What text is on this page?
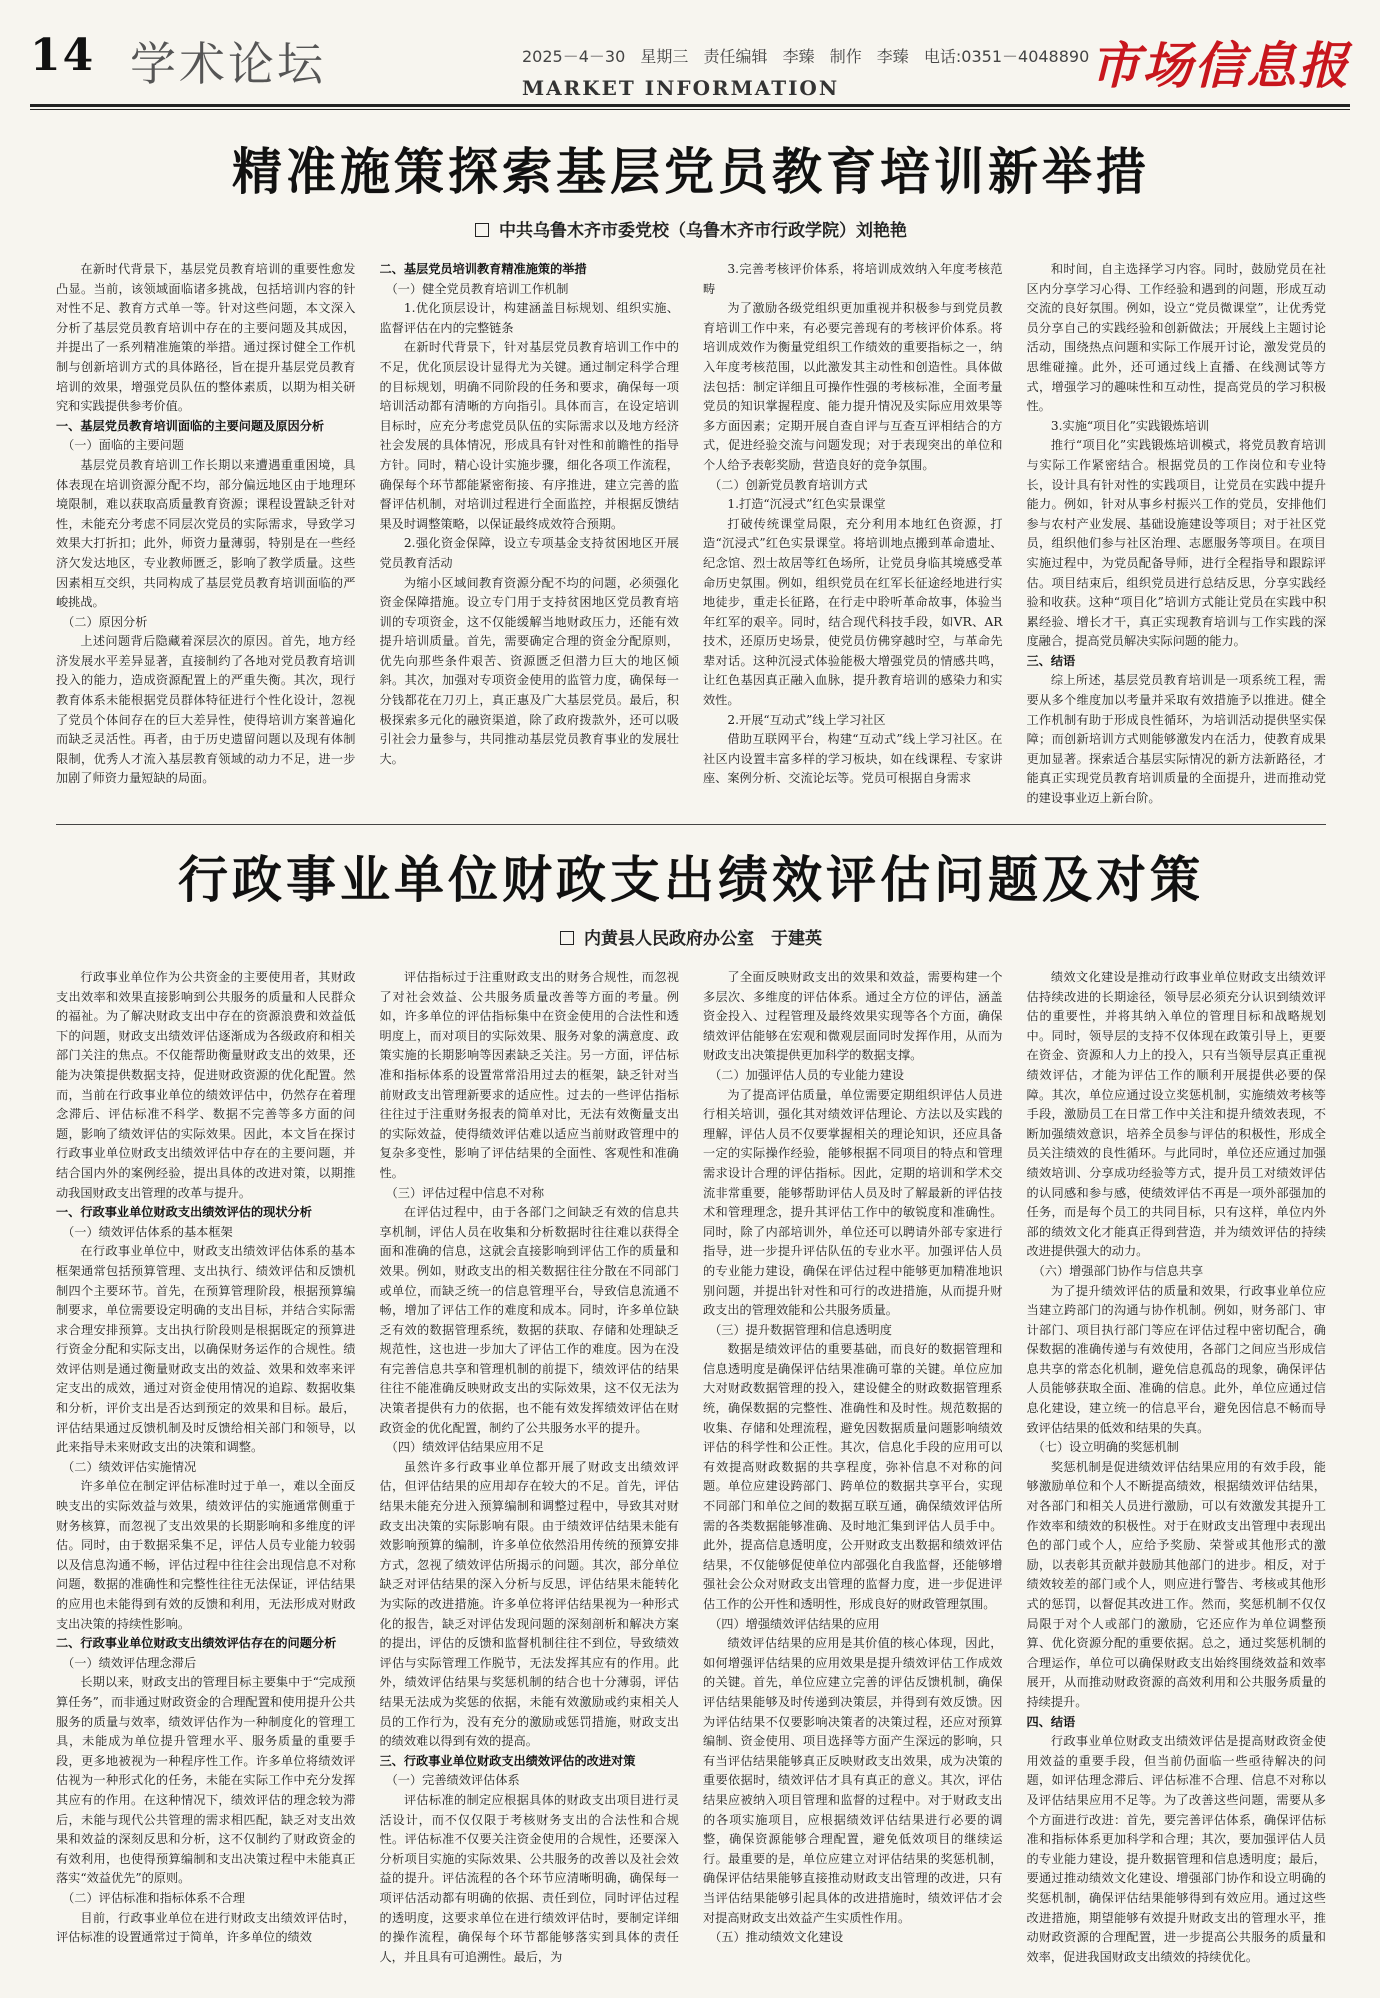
14 学术论坛	2025－4－30 星期三 责任编辑 李臻 制作 李臻 电话:0351－4048890
MARKET INFORMATION	市场信息报
精准施策探索基层党员教育培训新举措
中共乌鲁木齐市委党校（乌鲁木齐市行政学院）刘艳艳

在新时代背景下，基层党员教育培训的重要性愈发凸显。当前，该领域面临诸多挑战，包括培训内容的针对性不足、教育方式单一等。针对这些问题，本文深入分析了基层党员教育培训中存在的主要问题及其成因，并提出了一系列精准施策的举措。通过探讨健全工作机制与创新培训方式的具体路径，旨在提升基层党员教育培训的效果，增强党员队伍的整体素质，以期为相关研究和实践提供参考价值。

一、基层党员教育培训面临的主要问题及原因分析

（一）面临的主要问题

基层党员教育培训工作长期以来遭遇重重困境，具体表现在培训资源分配不均，部分偏远地区由于地理环境限制，难以获取高质量教育资源；课程设置缺乏针对性，未能充分考虑不同层次党员的实际需求，导致学习效果大打折扣；此外，师资力量薄弱，特别是在一些经济欠发达地区，专业教师匮乏，影响了教学质量。这些因素相互交织，共同构成了基层党员教育培训面临的严峻挑战。

（二）原因分析

上述问题背后隐藏着深层次的原因。首先，地方经济发展水平差异显著，直接制约了各地对党员教育培训投入的能力，造成资源配置上的严重失衡。其次，现行教育体系未能根据党员群体特征进行个性化设计，忽视了党员个体间存在的巨大差异性，使得培训方案普遍化而缺乏灵活性。再者，由于历史遗留问题以及现有体制限制，优秀人才流入基层教育领域的动力不足，进一步加剧了师资力量短缺的局面。

二、基层党员培训教育精准施策的举措

（一）健全党员教育培训工作机制

1.优化顶层设计，构建涵盖目标规划、组织实施、监督评估在内的完整链条

在新时代背景下，针对基层党员教育培训工作中的不足，优化顶层设计显得尤为关键。通过制定科学合理的目标规划，明确不同阶段的任务和要求，确保每一项培训活动都有清晰的方向指引。具体而言，在设定培训目标时，应充分考虑党员队伍的实际需求以及地方经济社会发展的具体情况，形成具有针对性和前瞻性的指导方针。同时，精心设计实施步骤，细化各项工作流程，确保每个环节都能紧密衔接、有序推进，建立完善的监督评估机制，对培训过程进行全面监控，并根据反馈结果及时调整策略，以保证最终成效符合预期。

2.强化资金保障，设立专项基金支持贫困地区开展党员教育活动

为缩小区域间教育资源分配不均的问题，必须强化资金保障措施。设立专门用于支持贫困地区党员教育培训的专项资金，这不仅能缓解当地财政压力，还能有效提升培训质量。首先，需要确定合理的资金分配原则，优先向那些条件艰苦、资源匮乏但潜力巨大的地区倾斜。其次，加强对专项资金使用的监管力度，确保每一分钱都花在刀刃上，真正惠及广大基层党员。最后，积极探索多元化的融资渠道，除了政府拨款外，还可以吸引社会力量参与，共同推动基层党员教育事业的发展壮大。

3.完善考核评价体系，将培训成效纳入年度考核范畴

为了激励各级党组织更加重视并积极参与到党员教育培训工作中来，有必要完善现有的考核评价体系。将培训成效作为衡量党组织工作绩效的重要指标之一，纳入年度考核范围，以此激发其主动性和创造性。具体做法包括：制定详细且可操作性强的考核标准，全面考量党员的知识掌握程度、能力提升情况及实际应用效果等多方面因素；定期开展自查自评与互查互评相结合的方式，促进经验交流与问题发现；对于表现突出的单位和个人给予表彰奖励，营造良好的竞争氛围。

（二）创新党员教育培训方式

1.打造“沉浸式”红色实景课堂

打破传统课堂局限，充分利用本地红色资源，打造“沉浸式”红色实景课堂。将培训地点搬到革命遗址、纪念馆、烈士故居等红色场所，让党员身临其境感受革命历史氛围。例如，组织党员在红军长征途经地进行实地徒步，重走长征路，在行走中聆听革命故事，体验当年红军的艰辛。同时，结合现代科技手段，如VR、AR技术，还原历史场景，使党员仿佛穿越时空，与革命先辈对话。这种沉浸式体验能极大增强党员的情感共鸣，让红色基因真正融入血脉，提升教育培训的感染力和实效性。

2.开展“互动式”线上学习社区

借助互联网平台，构建“互动式”线上学习社区。在社区内设置丰富多样的学习板块，如在线课程、专家讲座、案例分析、交流论坛等。党员可根据自身需求

和时间，自主选择学习内容。同时，鼓励党员在社区内分享学习心得、工作经验和遇到的问题，形成互动交流的良好氛围。例如，设立“党员微课堂”，让优秀党员分享自己的实践经验和创新做法；开展线上主题讨论活动，围绕热点问题和实际工作展开讨论，激发党员的思维碰撞。此外，还可通过线上直播、在线测试等方式，增强学习的趣味性和互动性，提高党员的学习积极性。

3.实施“项目化”实践锻炼培训

推行“项目化”实践锻炼培训模式，将党员教育培训与实际工作紧密结合。根据党员的工作岗位和专业特长，设计具有针对性的实践项目，让党员在实践中提升能力。例如，针对从事乡村振兴工作的党员，安排他们参与农村产业发展、基础设施建设等项目；对于社区党员，组织他们参与社区治理、志愿服务等项目。在项目实施过程中，为党员配备导师，进行全程指导和跟踪评估。项目结束后，组织党员进行总结反思，分享实践经验和收获。这种“项目化”培训方式能让党员在实践中积累经验、增长才干，真正实现教育培训与工作实践的深度融合，提高党员解决实际问题的能力。

三、结语

综上所述，基层党员教育培训是一项系统工程，需要从多个维度加以考量并采取有效措施予以推进。健全工作机制有助于形成良性循环，为培训活动提供坚实保障；而创新培训方式则能够激发内在活力，使教育成果更加显著。探索适合基层实际情况的新方法新路径，才能真正实现党员教育培训质量的全面提升，进而推动党的建设事业迈上新台阶。

行政事业单位财政支出绩效评估问题及对策
内黄县人民政府办公室　于建英

行政事业单位作为公共资金的主要使用者，其财政支出效率和效果直接影响到公共服务的质量和人民群众的福祉。为了解决财政支出中存在的资源浪费和效益低下的问题，财政支出绩效评估逐渐成为各级政府和相关部门关注的焦点。不仅能帮助衡量财政支出的效果，还能为决策提供数据支持，促进财政资源的优化配置。然而，当前在行政事业单位的绩效评估中，仍然存在着理念滞后、评估标准不科学、数据不完善等多方面的问题，影响了绩效评估的实际效果。因此，本文旨在探讨行政事业单位财政支出绩效评估中存在的主要问题，并结合国内外的案例经验，提出具体的改进对策，以期推动我国财政支出管理的改革与提升。

一、行政事业单位财政支出绩效评估的现状分析

（一）绩效评估体系的基本框架

在行政事业单位中，财政支出绩效评估体系的基本框架通常包括预算管理、支出执行、绩效评估和反馈机制四个主要环节。首先，在预算管理阶段，根据预算编制要求，单位需要设定明确的支出目标，并结合实际需求合理安排预算。支出执行阶段则是根据既定的预算进行资金分配和实际支出，以确保财务运作的合规性。绩效评估则是通过衡量财政支出的效益、效果和效率来评定支出的成效，通过对资金使用情况的追踪、数据收集和分析，评价支出是否达到预定的效果和目标。最后，评估结果通过反馈机制及时反馈给相关部门和领导，以此来指导未来财政支出的决策和调整。

（二）绩效评估实施情况

许多单位在制定评估标准时过于单一，难以全面反映支出的实际效益与效果，绩效评估的实施通常侧重于财务核算，而忽视了支出效果的长期影响和多维度的评估。同时，由于数据采集不足，评估人员专业能力较弱以及信息沟通不畅，评估过程中往往会出现信息不对称问题，数据的准确性和完整性往往无法保证，评估结果的应用也未能得到有效的反馈和利用，无法形成对财政支出决策的持续性影响。

二、行政事业单位财政支出绩效评估存在的问题分析

（一）绩效评估理念滞后

长期以来，财政支出的管理目标主要集中于“完成预算任务”，而非通过财政资金的合理配置和使用提升公共服务的质量与效率，绩效评估作为一种制度化的管理工具，未能成为单位提升管理水平、服务质量的重要手段，更多地被视为一种程序性工作。许多单位将绩效评估视为一种形式化的任务，未能在实际工作中充分发挥其应有的作用。在这种情况下，绩效评估的理念较为滞后，未能与现代公共管理的需求相匹配，缺乏对支出效果和效益的深刻反思和分析，这不仅制约了财政资金的有效利用，也使得预算编制和支出决策过程中未能真正落实“效益优先”的原则。

（二）评估标准和指标体系不合理

目前，行政事业单位在进行财政支出绩效评估时，评估标准的设置通常过于简单，许多单位的绩效

评估指标过于注重财政支出的财务合规性，而忽视了对社会效益、公共服务质量改善等方面的考量。例如，许多单位的评估指标集中在资金使用的合法性和透明度上，而对项目的实际效果、服务对象的满意度、政策实施的长期影响等因素缺乏关注。另一方面，评估标准和指标体系的设置常常沿用过去的框架，缺乏针对当前财政支出管理新要求的适应性。过去的一些评估指标往往过于注重财务报表的简单对比，无法有效衡量支出的实际效益，使得绩效评估难以适应当前财政管理中的复杂多变性，影响了评估结果的全面性、客观性和准确性。

（三）评估过程中信息不对称

在评估过程中，由于各部门之间缺乏有效的信息共享机制，评估人员在收集和分析数据时往往难以获得全面和准确的信息，这就会直接影响到评估工作的质量和效果。例如，财政支出的相关数据往往分散在不同部门或单位，而缺乏统一的信息管理平台，导致信息流通不畅，增加了评估工作的难度和成本。同时，许多单位缺乏有效的数据管理系统，数据的获取、存储和处理缺乏规范性，这也进一步加大了评估工作的难度。因为在没有完善信息共享和管理机制的前提下，绩效评估的结果往往不能准确反映财政支出的实际效果，这不仅无法为决策者提供有力的依据，也不能有效发挥绩效评估在财政资金的优化配置，制约了公共服务水平的提升。

（四）绩效评估结果应用不足

虽然许多行政事业单位都开展了财政支出绩效评估，但评估结果的应用却存在较大的不足。首先，评估结果未能充分进入预算编制和调整过程中，导致其对财政支出决策的实际影响有限。由于绩效评估结果未能有效影响预算的编制，许多单位依然沿用传统的预算安排方式，忽视了绩效评估所揭示的问题。其次，部分单位缺乏对评估结果的深入分析与反思，评估结果未能转化为实际的改进措施。许多单位将评估结果视为一种形式化的报告，缺乏对评估发现问题的深刻剖析和解决方案的提出，评估的反馈和监督机制往往不到位，导致绩效评估与实际管理工作脱节，无法发挥其应有的作用。此外，绩效评估结果与奖惩机制的结合也十分薄弱，评估结果无法成为奖惩的依据，未能有效激励或约束相关人员的工作行为，没有充分的激励或惩罚措施，财政支出的绩效难以得到有效的提高。

三、行政事业单位财政支出绩效评估的改进对策

（一）完善绩效评估体系

评估标准的制定应根据具体的财政支出项目进行灵活设计，而不仅仅限于考核财务支出的合法性和合规性。评估标准不仅要关注资金使用的合规性，还要深入分析项目实施的实际效果、公共服务的改善以及社会效益的提升。评估流程的各个环节应清晰明确，确保每一项评估活动都有明确的依据、责任到位，同时评估过程的透明度，这要求单位在进行绩效评估时，要制定详细的操作流程，确保每个环节都能够落实到具体的责任人，并且具有可追溯性。最后，为

了全面反映财政支出的效果和效益，需要构建一个多层次、多维度的评估体系。通过全方位的评估，涵盖资金投入、过程管理及最终效果实现等各个方面，确保绩效评估能够在宏观和微观层面同时发挥作用，从而为财政支出决策提供更加科学的数据支撑。

（二）加强评估人员的专业能力建设

为了提高评估质量，单位需要定期组织评估人员进行相关培训，强化其对绩效评估理论、方法以及实践的理解，评估人员不仅要掌握相关的理论知识，还应具备一定的实际操作经验，能够根据不同项目的特点和管理需求设计合理的评估指标。因此，定期的培训和学术交流非常重要，能够帮助评估人员及时了解最新的评估技术和管理理念，提升其评估工作中的敏锐度和准确性。同时，除了内部培训外，单位还可以聘请外部专家进行指导，进一步提升评估队伍的专业水平。加强评估人员的专业能力建设，确保在评估过程中能够更加精准地识别问题，并提出针对性和可行的改进措施，从而提升财政支出的管理效能和公共服务质量。

（三）提升数据管理和信息透明度

数据是绩效评估的重要基础，而良好的数据管理和信息透明度是确保评估结果准确可靠的关键。单位应加大对财政数据管理的投入，建设健全的财政数据管理系统，确保数据的完整性、准确性和及时性。规范数据的收集、存储和处理流程，避免因数据质量问题影响绩效评估的科学性和公正性。其次，信息化手段的应用可以有效提高财政数据的共享程度，弥补信息不对称的问题。单位应建设跨部门、跨单位的数据共享平台，实现不同部门和单位之间的数据互联互通，确保绩效评估所需的各类数据能够准确、及时地汇集到评估人员手中。此外，提高信息透明度，公开财政支出数据和绩效评估结果，不仅能够促使单位内部强化自我监督，还能够增强社会公众对财政支出管理的监督力度，进一步促进评估工作的公开性和透明性，形成良好的财政管理氛围。

（四）增强绩效评估结果的应用

绩效评估结果的应用是其价值的核心体现，因此，如何增强评估结果的应用效果是提升绩效评估工作成效的关键。首先，单位应建立完善的评估反馈机制，确保评估结果能够及时传递到决策层，并得到有效反馈。因为评估结果不仅要影响决策者的决策过程，还应对预算编制、资金使用、项目选择等方面产生深远的影响，只有当评估结果能够真正反映财政支出效果，成为决策的重要依据时，绩效评估才具有真正的意义。其次，评估结果应被纳入项目管理和监督的过程中。对于财政支出的各项实施项目，应根据绩效评估结果进行必要的调整，确保资源能够合理配置，避免低效项目的继续运行。最重要的是，单位应建立对评估结果的奖惩机制，确保评估结果能够直接推动财政支出管理的改进，只有当评估结果能够引起具体的改进措施时，绩效评估才会对提高财政支出效益产生实质性作用。

（五）推动绩效文化建设

绩效文化建设是推动行政事业单位财政支出绩效评估持续改进的长期途径，领导层必须充分认识到绩效评估的重要性，并将其纳入单位的管理目标和战略规划中。同时，领导层的支持不仅体现在政策引导上，更要在资金、资源和人力上的投入，只有当领导层真正重视绩效评估，才能为评估工作的顺利开展提供必要的保障。其次，单位应通过设立奖惩机制，实施绩效考核等手段，激励员工在日常工作中关注和提升绩效表现，不断加强绩效意识，培养全员参与评估的积极性，形成全员关注绩效的良性循环。与此同时，单位还应通过加强绩效培训、分享成功经验等方式，提升员工对绩效评估的认同感和参与感，使绩效评估不再是一项外部强加的任务，而是每个员工的共同目标，只有这样，单位内外部的绩效文化才能真正得到营造，并为绩效评估的持续改进提供强大的动力。

（六）增强部门协作与信息共享

为了提升绩效评估的质量和效果，行政事业单位应当建立跨部门的沟通与协作机制。例如，财务部门、审计部门、项目执行部门等应在评估过程中密切配合，确保数据的准确传递与有效使用，各部门之间应当形成信息共享的常态化机制，避免信息孤岛的现象，确保评估人员能够获取全面、准确的信息。此外，单位应通过信息化建设，建立统一的信息平台，避免因信息不畅而导致评估结果的低效和结果的失真。

（七）设立明确的奖惩机制

奖惩机制是促进绩效评估结果应用的有效手段，能够激励单位和个人不断提高绩效，根据绩效评估结果，对各部门和相关人员进行激励，可以有效激发其提升工作效率和绩效的积极性。对于在财政支出管理中表现出色的部门或个人，应给予奖励、荣誉或其他形式的激励，以表彰其贡献并鼓励其他部门的进步。相反，对于绩效较差的部门或个人，则应进行警告、考核或其他形式的惩罚，以督促其改进工作。然而，奖惩机制不仅仅局限于对个人或部门的激励，它还应作为单位调整预算、优化资源分配的重要依据。总之，通过奖惩机制的合理运作，单位可以确保财政支出始终围绕效益和效率展开，从而推动财政资源的高效利用和公共服务质量的持续提升。

四、结语

行政事业单位财政支出绩效评估是提高财政资金使用效益的重要手段，但当前仍面临一些亟待解决的问题，如评估理念滞后、评估标准不合理、信息不对称以及评估结果应用不足等。为了改善这些问题，需要从多个方面进行改进：首先，要完善评估体系，确保评估标准和指标体系更加科学和合理；其次，要加强评估人员的专业能力建设，提升数据管理和信息透明度；最后，要通过推动绩效文化建设、增强部门协作和设立明确的奖惩机制，确保评估结果能够得到有效应用。通过这些改进措施，期望能够有效提升财政支出的管理水平，推动财政资源的合理配置，进一步提高公共服务的质量和效率，促进我国财政支出绩效的持续优化。
